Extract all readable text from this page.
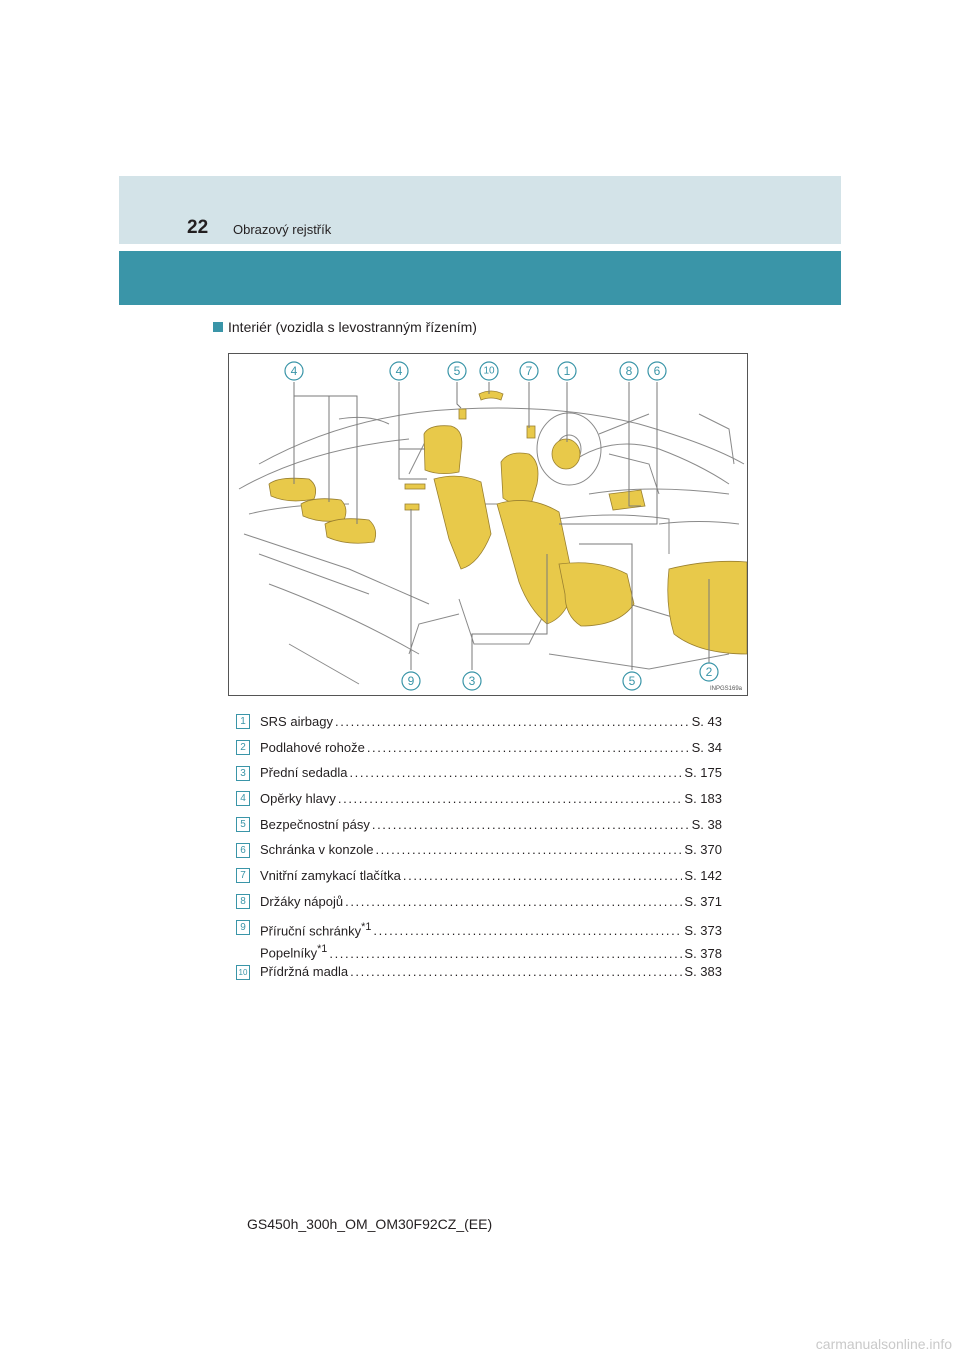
22 Obrazový rejstřík
Interiér (vozidla s levostranným řízením)
4	4	5 10	7	1	8 6
9	3	5
2
INPGS169a
1	SRS airbagy . . .	S. 43
2	Podlahové rohože . . .	S. 34
3	Přední sedadla . . .	S. 175
4	Opěrky hlavy . . .	S. 183
5	Bezpečnostní pásy . . .	S. 38
6	Schránka v konzole . . .	S. 370
7	Vnitřní zamykací tlačítka . . .	S. 142
8	Držáky nápojů . . .	S. 371
9	Příruční schránky$^{*1}$ . . .	S. 373
Popelníky$^{*1}$ . . .	S. 378
10 Přídržná madla . . .	S. 383
GS450h_300h_OM_OM30F92CZ_(EE)
carmanualsonline.info
